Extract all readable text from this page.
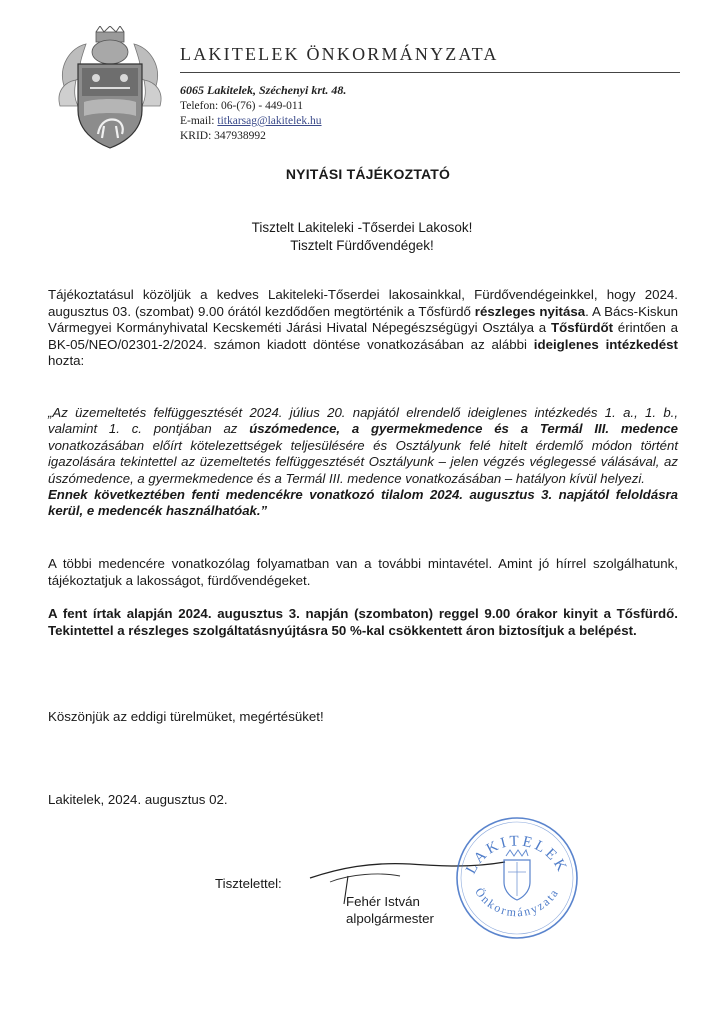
LAKITELEK ÖNKORMÁNYZATA
6065 Lakitelek, Széchenyi krt. 48.
Telefon: 06-(76) - 449-011
E-mail: titkarsag@lakitelek.hu
KRID: 347938992
NYITÁSI TÁJÉKOZTATÓ
Tisztelt Lakiteleki -Tőserdei Lakosok!
Tisztelt Fürdővendégek!
Tájékoztatásul közöljük a kedves Lakiteleki-Tőserdei lakosainkkal, Fürdővendégeinkkel, hogy 2024. augusztus 03. (szombat) 9.00 órától kezdődően megtörténik a Tősfürdő részleges nyitása. A Bács-Kiskun Vármegyei Kormányhivatal Kecskeméti Járási Hivatal Népegészségügyi Osztálya a Tősfürdőt érintően a BK-05/NEO/02301-2/2024. számon kiadott döntése vonatkozásában az alábbi ideiglenes intézkedést hozta:
„Az üzemeltetés felfüggesztését 2024. július 20. napjától elrendelő ideiglenes intézkedés 1. a., 1. b., valamint 1. c. pontjában az úszómedence, a gyermekmedence és a Termál III. medence vonatkozásában előírt kötelezettségek teljesülésére és Osztályunk felé hitelt érdemlő módon történt igazolására tekintettel az üzemeltetés felfüggesztését Osztályunk – jelen végzés véglegessé válásával, az úszómedence, a gyermekmedence és a Termál III. medence vonatkozásában – hatályon kívül helyezi.
Ennek következtében fenti medencékre vonatkozó tilalom 2024. augusztus 3. napjától feloldásra kerül, e medencék használhatóak.”
A többi medencére vonatkozólag folyamatban van a további mintavétel. Amint jó hírrel szolgálhatunk, tájékoztatjuk a lakosságot, fürdővendégeket.
A fent írtak alapján 2024. augusztus 3. napján (szombaton) reggel 9.00 órakor kinyit a Tősfürdő. Tekintettel a részleges szolgáltatásnyújtásra 50 %-kal csökkentett áron biztosítjuk a belépést.
Köszönjük az eddigi türelmüket, megértésüket!
Lakitelek, 2024. augusztus 02.
Tisztelettel:
Fehér István
alpolgármester
LAKITELEK
Önkormányzata
